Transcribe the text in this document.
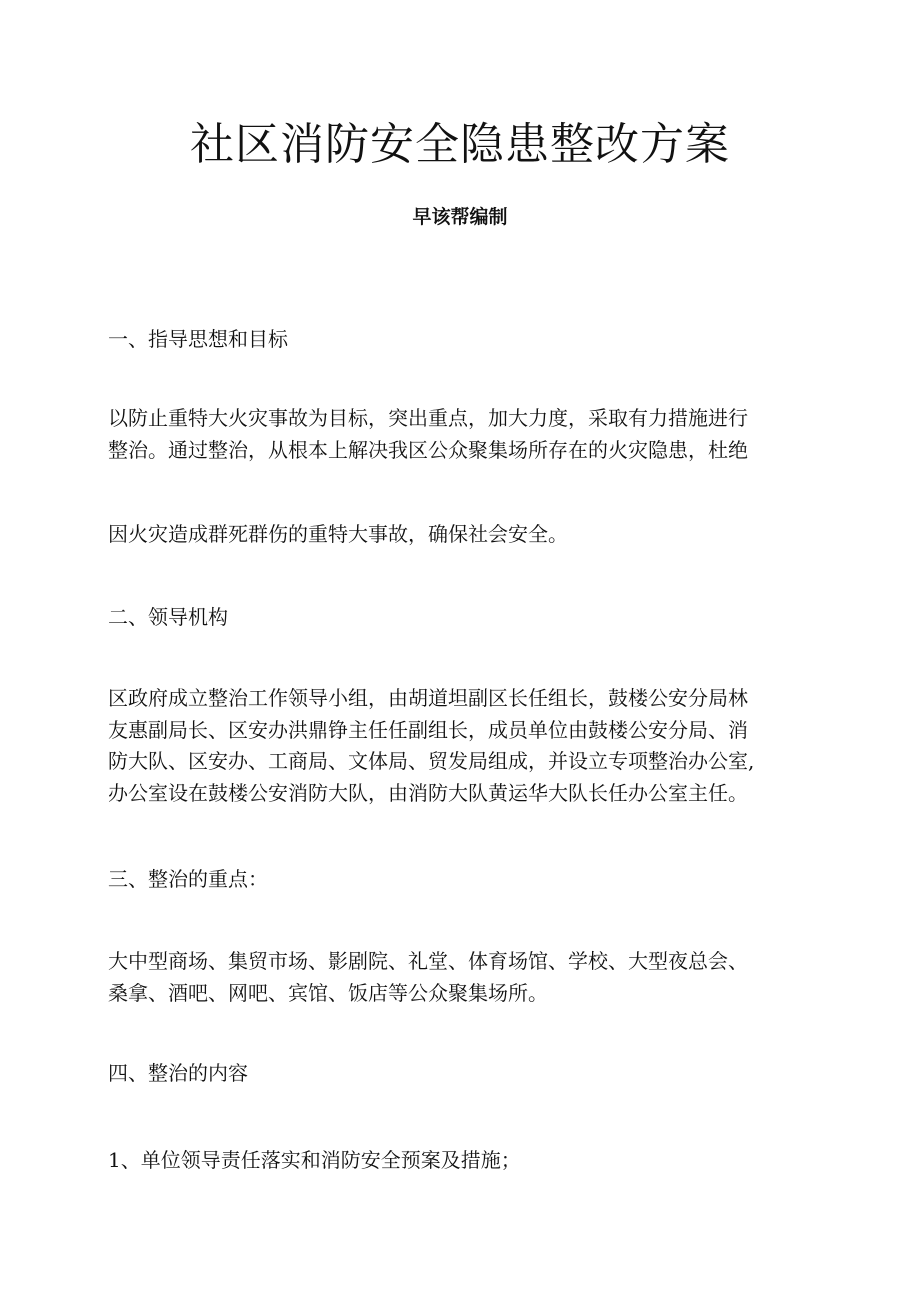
社区消防安全隐患整改方案
早该帮编制
一、指导思想和目标
以防止重特大火灾事故为目标，突出重点，加大力度，采取有力措施进行
整治。通过整治，从根本上解决我区公众聚集场所存在的火灾隐患，杜绝
因火灾造成群死群伤的重特大事故，确保社会安全。
二、领导机构
区政府成立整治工作领导小组，由胡道坦副区长任组长，鼓楼公安分局林
友惠副局长、区安办洪鼎铮主任任副组长，成员单位由鼓楼公安分局、消
防大队、区安办、工商局、文体局、贸发局组成，并设立专项整治办公室,
办公室设在鼓楼公安消防大队，由消防大队黄运华大队长任办公室主任。
三、整治的重点：
大中型商场、集贸市场、影剧院、礼堂、体育场馆、学校、大型夜总会、
桑拿、酒吧、网吧、宾馆、饭店等公众聚集场所。
四、整治的内容
1、单位领导责任落实和消防安全预案及措施；
